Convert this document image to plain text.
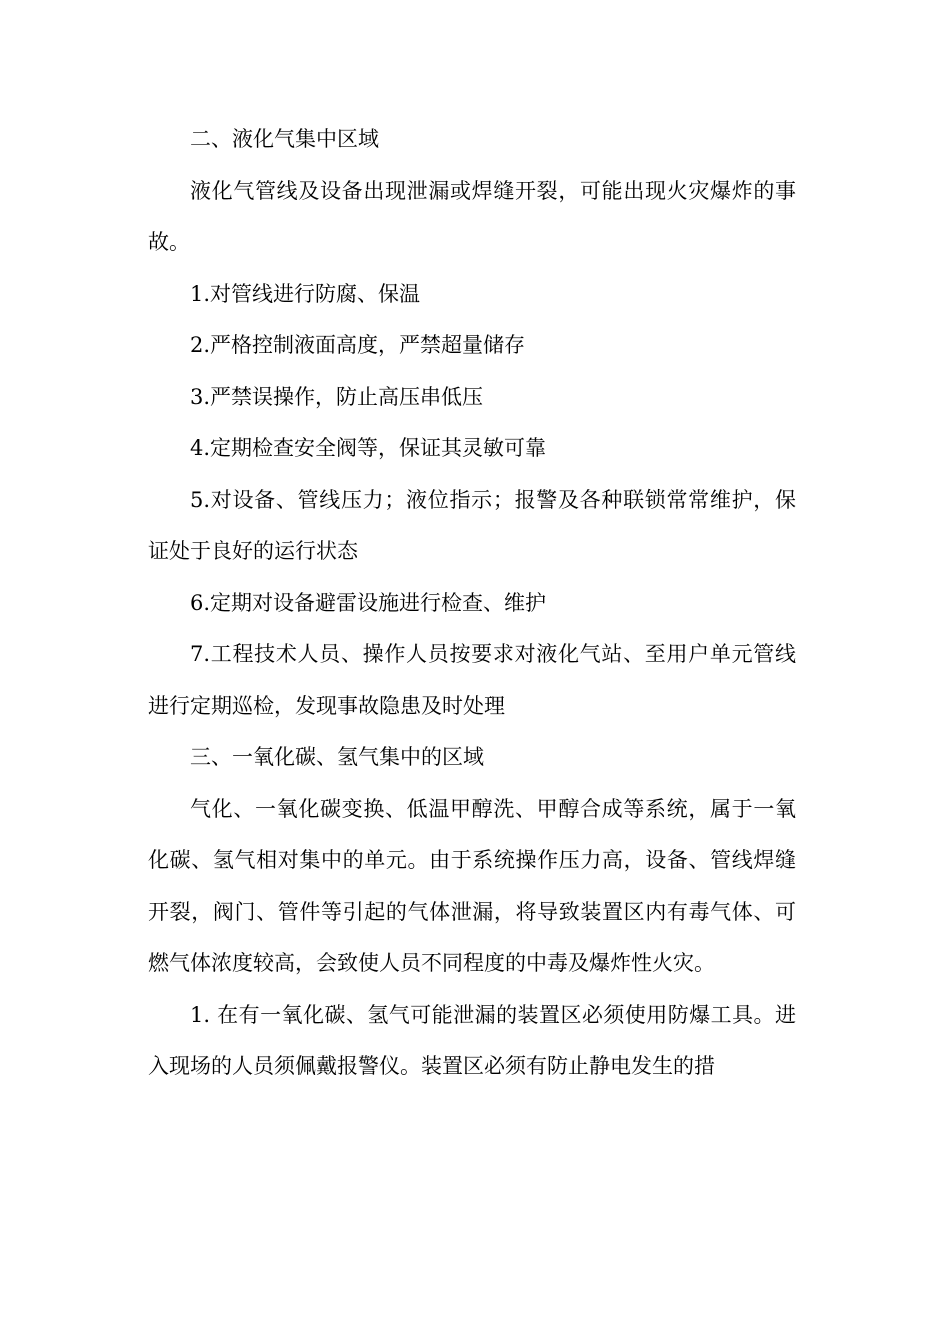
二、液化气集中区域

液化气管线及设备出现泄漏或焊缝开裂，可能出现火灾爆炸的事故。

1.对管线进行防腐、保温

2.严格控制液面高度，严禁超量储存

3.严禁误操作，防止高压串低压

4.定期检查安全阀等，保证其灵敏可靠

5.对设备、管线压力；液位指示；报警及各种联锁常常维护，保证处于良好的运行状态

6.定期对设备避雷设施进行检查、维护

7.工程技术人员、操作人员按要求对液化气站、至用户单元管线进行定期巡检，发现事故隐患及时处理

三、一氧化碳、氢气集中的区域

气化、一氧化碳变换、低温甲醇洗、甲醇合成等系统，属于一氧化碳、氢气相对集中的单元。由于系统操作压力高，设备、管线焊缝开裂，阀门、管件等引起的气体泄漏，将导致装置区内有毒气体、可燃气体浓度较高，会致使人员不同程度的中毒及爆炸性火灾。

1. 在有一氧化碳、氢气可能泄漏的装置区必须使用防爆工具。进入现场的人员须佩戴报警仪。装置区必须有防止静电发生的措
